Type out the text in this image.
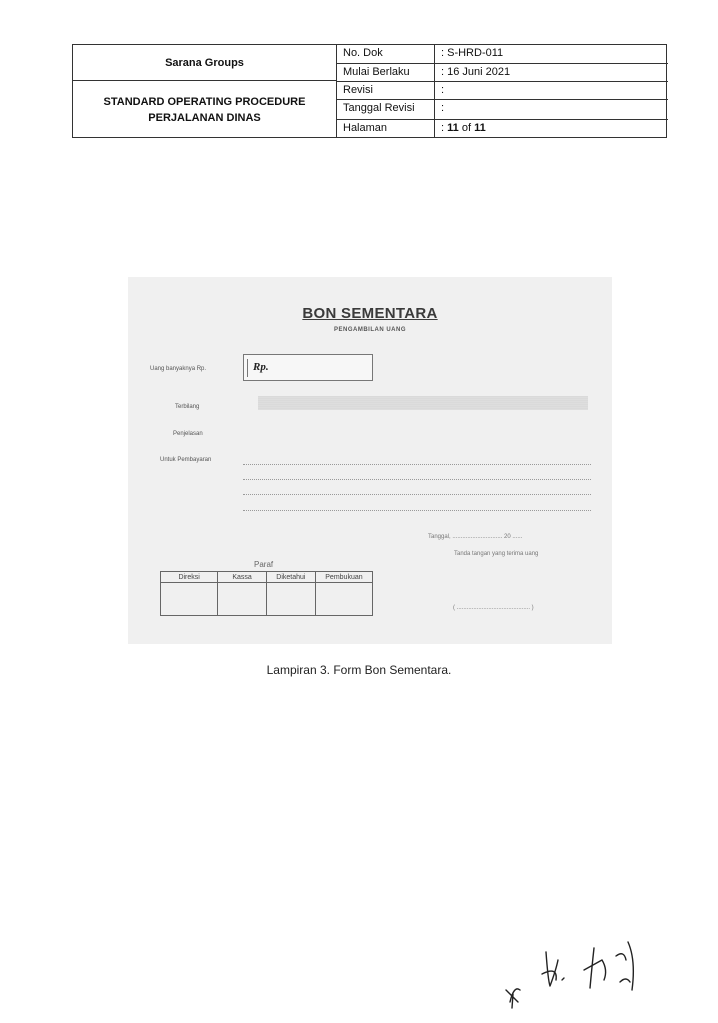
Sarana Groups
STANDARD OPERATING PROCEDURE
PERJALANAN DINAS
No. Dok	: S-HRD-011
Mulai Berlaku	: 16 Juni 2021
Revisi	:
Tanggal Revisi :
Halaman	: 11 of 11
BON SEMENTARA
PENGAMBILAN UANG
Uang banyaknya Rp.	Rp.
Terbilang
Penjelasan
Untuk Pembayaran
Tanggal, .............................. 20 ......
Tanda tangan yang terima uang
Paraf
Direksi	Kassa	Diketahui	Pembukuan

( ............................................ )
Lampiran 3. Form Bon Sementara.
